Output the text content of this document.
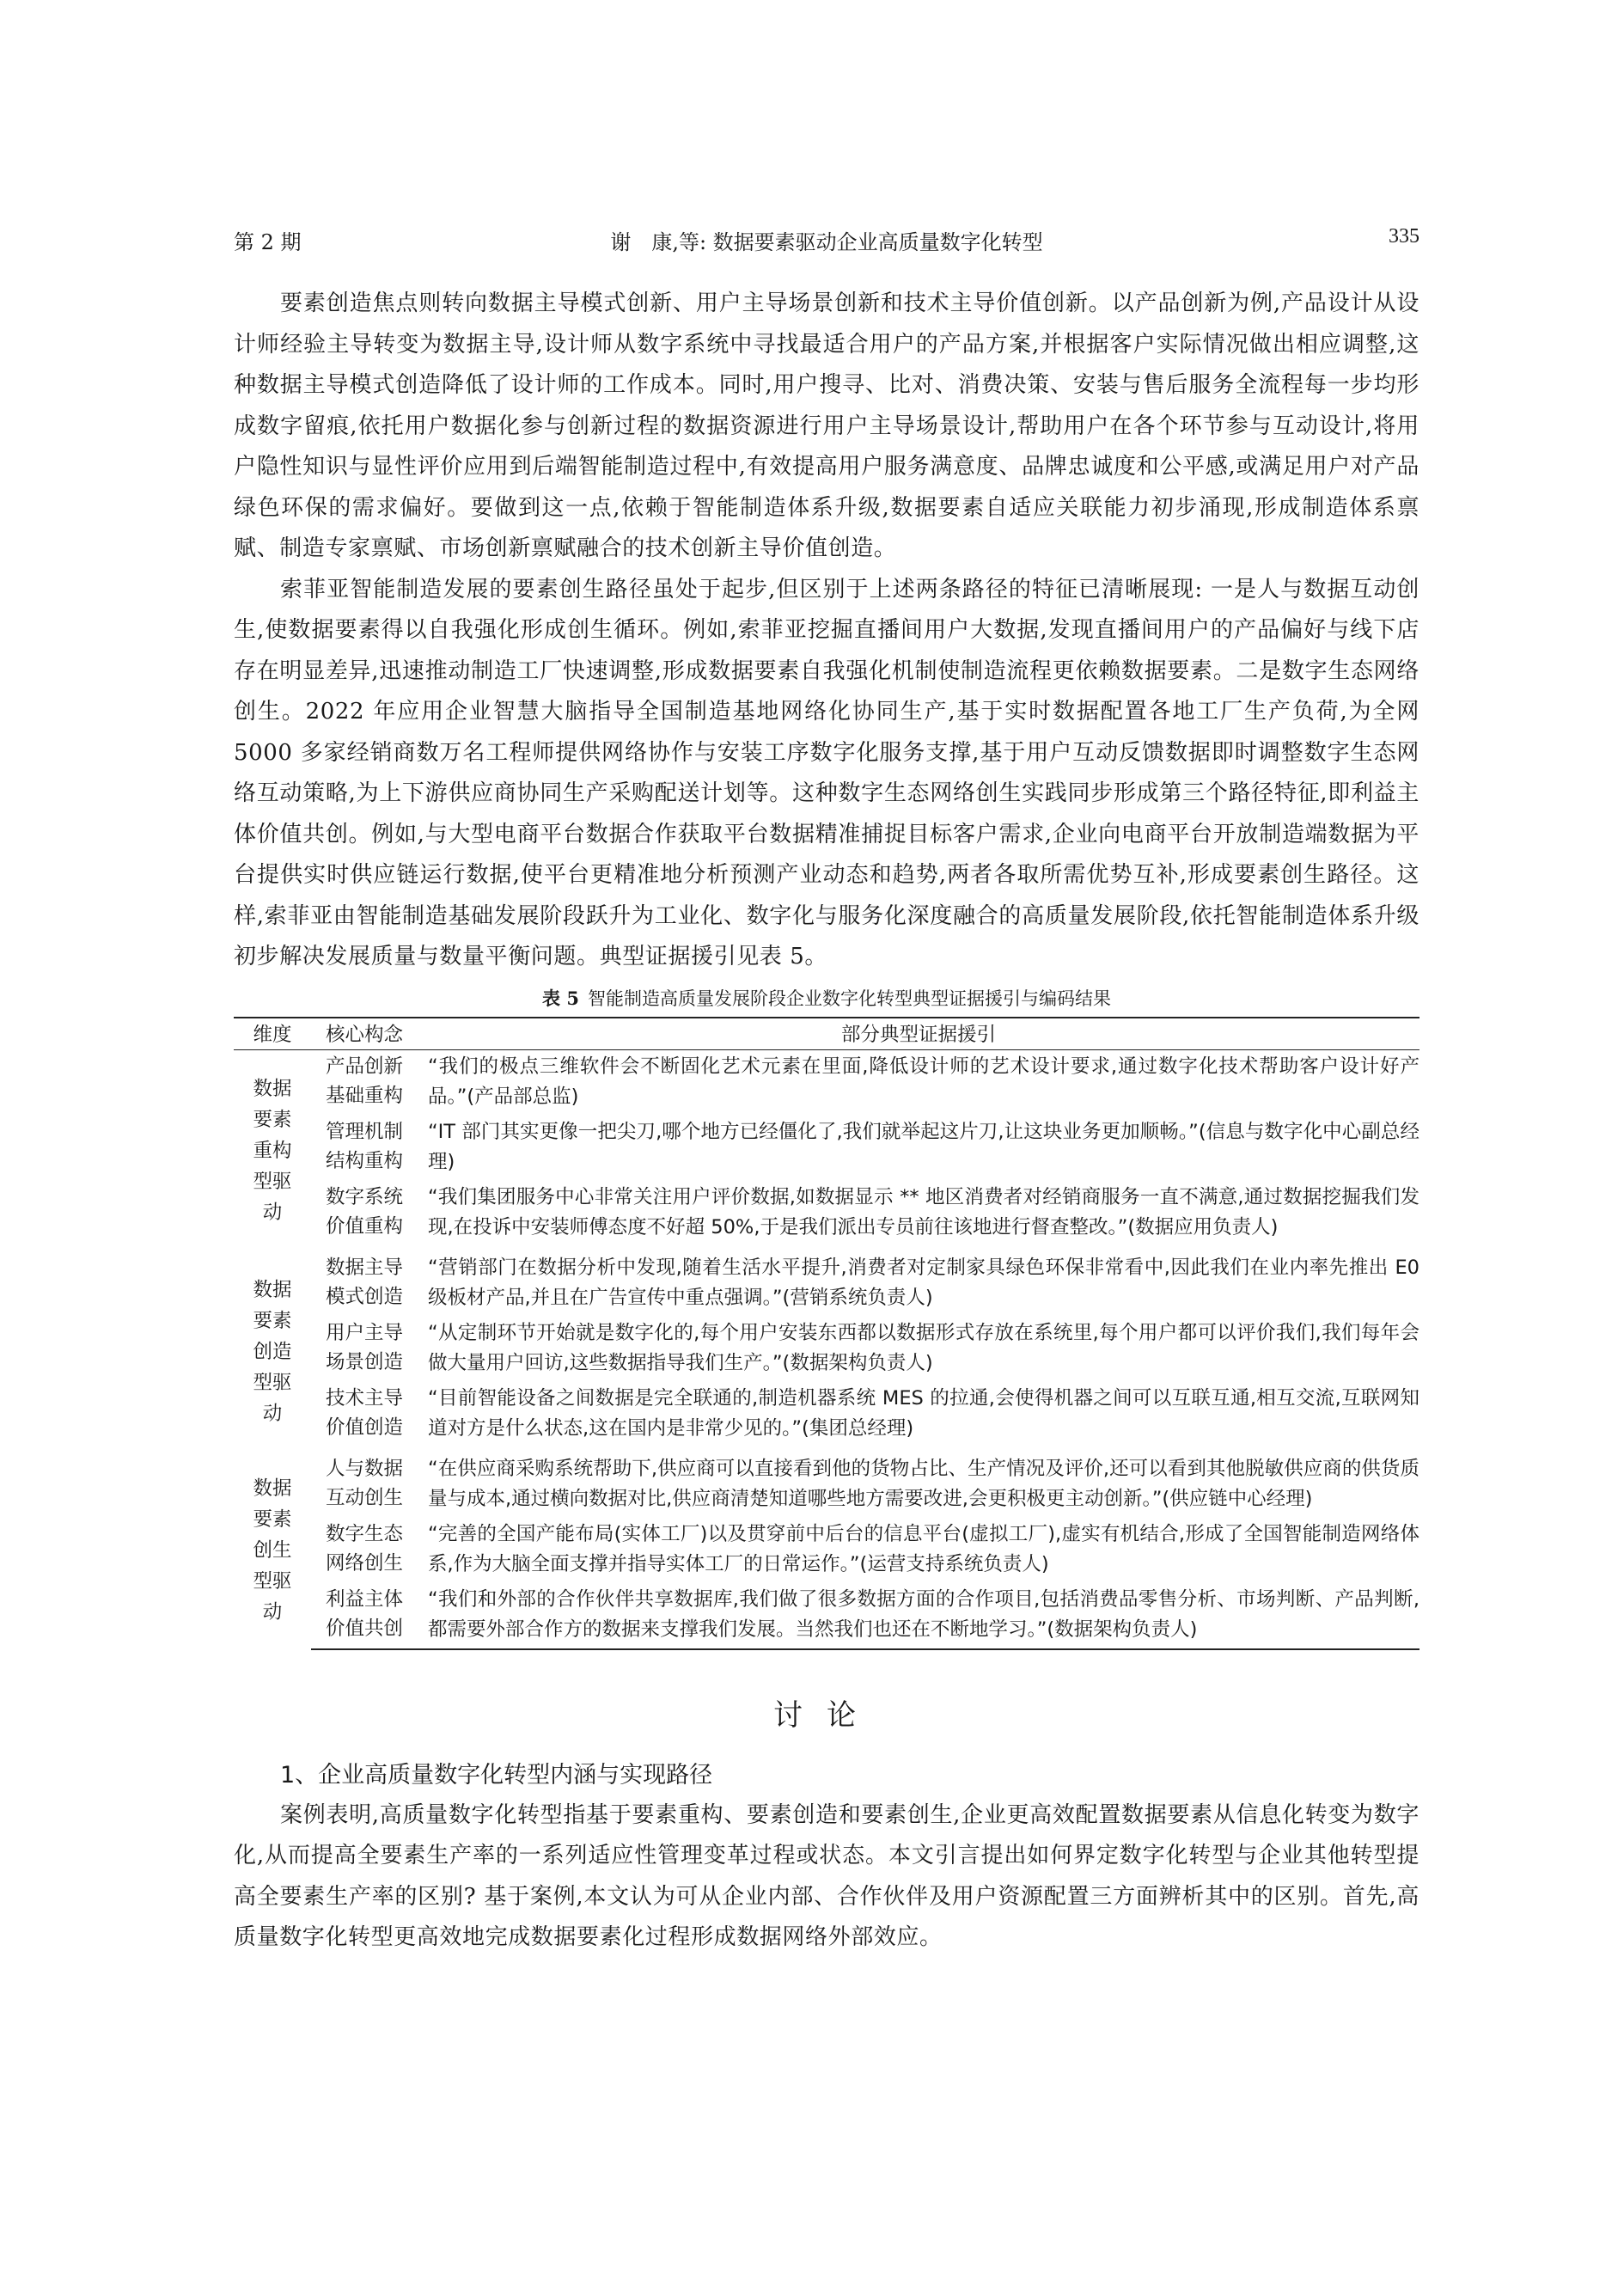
第 2 期	谢　康,等: 数据要素驱动企业高质量数字化转型	335

要素创造焦点则转向数据主导模式创新、用户主导场景创新和技术主导价值创新。以产品创新为例,产品设计从设计师经验主导转变为数据主导,设计师从数字系统中寻找最适合用户的产品方案,并根据客户实际情况做出相应调整,这种数据主导模式创造降低了设计师的工作成本。同时,用户搜寻、比对、消费决策、安装与售后服务全流程每一步均形成数字留痕,依托用户数据化参与创新过程的数据资源进行用户主导场景设计,帮助用户在各个环节参与互动设计,将用户隐性知识与显性评价应用到后端智能制造过程中,有效提高用户服务满意度、品牌忠诚度和公平感,或满足用户对产品绿色环保的需求偏好。要做到这一点,依赖于智能制造体系升级,数据要素自适应关联能力初步涌现,形成制造体系禀赋、制造专家禀赋、市场创新禀赋融合的技术创新主导价值创造。

索菲亚智能制造发展的要素创生路径虽处于起步,但区别于上述两条路径的特征已清晰展现: 一是人与数据互动创生,使数据要素得以自我强化形成创生循环。例如,索菲亚挖掘直播间用户大数据,发现直播间用户的产品偏好与线下店存在明显差异,迅速推动制造工厂快速调整,形成数据要素自我强化机制使制造流程更依赖数据要素。二是数字生态网络创生。2022 年应用企业智慧大脑指导全国制造基地网络化协同生产,基于实时数据配置各地工厂生产负荷,为全网 5000 多家经销商数万名工程师提供网络协作与安装工序数字化服务支撑,基于用户互动反馈数据即时调整数字生态网络互动策略,为上下游供应商协同生产采购配送计划等。这种数字生态网络创生实践同步形成第三个路径特征,即利益主体价值共创。例如,与大型电商平台数据合作获取平台数据精准捕捉目标客户需求,企业向电商平台开放制造端数据为平台提供实时供应链运行数据,使平台更精准地分析预测产业动态和趋势,两者各取所需优势互补,形成要素创生路径。这样,索菲亚由智能制造基础发展阶段跃升为工业化、数字化与服务化深度融合的高质量发展阶段,依托智能制造体系升级初步解决发展质量与数量平衡问题。典型证据援引见表 5。

表 5 智能制造高质量发展阶段企业数字化转型典型证据援引与编码结果
维度	核心构念	部分典型证据援引

数据要素重构型驱动	产品创新基础重构	“我们的极点三维软件会不断固化艺术元素在里面,降低设计师的艺术设计要求,通过数字化技术帮助客户设计好产品。”(产品部总监)

	管理机制结构重构	“IT 部门其实更像一把尖刀,哪个地方已经僵化了,我们就举起这片刀,让这块业务更加顺畅。”(信息与数字化中心副总经理)

	数字系统价值重构	“我们集团服务中心非常关注用户评价数据,如数据显示 ** 地区消费者对经销商服务一直不满意,通过数据挖掘我们发现,在投诉中安装师傅态度不好超 50%,于是我们派出专员前往该地进行督查整改。”(数据应用负责人)

数据要素创造型驱动	数据主导模式创造	“营销部门在数据分析中发现,随着生活水平提升,消费者对定制家具绿色环保非常看中,因此我们在业内率先推出 E0 级板材产品,并且在广告宣传中重点强调。”(营销系统负责人)

	用户主导场景创造	“从定制环节开始就是数字化的,每个用户安装东西都以数据形式存放在系统里,每个用户都可以评价我们,我们每年会做大量用户回访,这些数据指导我们生产。”(数据架构负责人)

	技术主导价值创造	“目前智能设备之间数据是完全联通的,制造机器系统 MES 的拉通,会使得机器之间可以互联互通,相互交流,互联网知道对方是什么状态,这在国内是非常少见的。”(集团总经理)

数据要素创生型驱动	人与数据互动创生	“在供应商采购系统帮助下,供应商可以直接看到他的货物占比、生产情况及评价,还可以看到其他脱敏供应商的供货质量与成本,通过横向数据对比,供应商清楚知道哪些地方需要改进,会更积极更主动创新。”(供应链中心经理)

	数字生态网络创生	“完善的全国产能布局(实体工厂)以及贯穿前中后台的信息平台(虚拟工厂),虚实有机结合,形成了全国智能制造网络体系,作为大脑全面支撑并指导实体工厂的日常运作。”(运营支持系统负责人)

	利益主体价值共创	“我们和外部的合作伙伴共享数据库,我们做了很多数据方面的合作项目,包括消费品零售分析、市场判断、产品判断,都需要外部合作方的数据来支撑我们发展。当然我们也还在不断地学习。”(数据架构负责人)
讨论

1、企业高质量数字化转型内涵与实现路径

案例表明,高质量数字化转型指基于要素重构、要素创造和要素创生,企业更高效配置数据要素从信息化转变为数字化,从而提高全要素生产率的一系列适应性管理变革过程或状态。本文引言提出如何界定数字化转型与企业其他转型提高全要素生产率的区别? 基于案例,本文认为可从企业内部、合作伙伴及用户资源配置三方面辨析其中的区别。首先,高质量数字化转型更高效地完成数据要素化过程形成数据网络外部效应。
